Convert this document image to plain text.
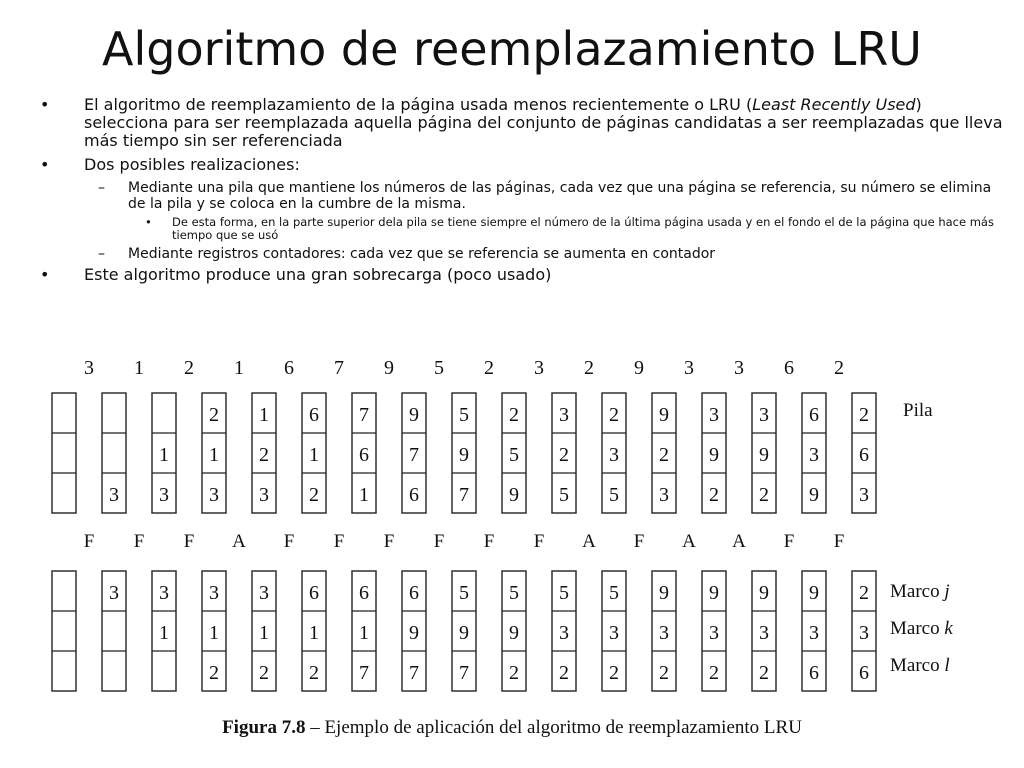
Algoritmo de reemplazamiento LRU
• El algoritmo de reemplazamiento de la página usada menos recientemente o LRU (Least Recently Used) selecciona para ser reemplazada aquella página del conjunto de páginas candidatas a ser reemplazadas que lleva más tiempo sin ser referenciada
• Dos posibles realizaciones:
– Mediante una pila que mantiene los números de las páginas, cada vez que una página se referencia, su número se elimina de la pila y se coloca en la cumbre de la misma.
• De esta forma, en la parte superior dela pila se tiene siempre el número de la última página usada y en el fondo el de la página que hace más tiempo que se usó
– Mediante registros contadores: cada vez que se referencia se aumenta en contador
• Este algoritmo produce una gran sobrecarga (poco usado)
3 1 2 1 6 7 9 5 2 3 2 9 3 3 6 2
3
1
3
2
1
3
1
2
3
6
1
2
7
6
1
9
7
6
5
9
7
2
5
9
3
2
5
2
3
5
9
2
3
3
9
2
3
9
2
6
3
9
2
6
3
F F F A F F F F F F A F A A F F
3 3
1
3
1
2
3
1
2
6
1
2
6
1
7
6
9
7
5
9
7
5
9
2
5
3
2
5
3
2
9
3
2
9
3
2
9
3
2
9
3
6
2
3
6
Pila
Marco j
Marco k
Marco l
Figura 7.8 – Ejemplo de aplicación del algoritmo de reemplazamiento LRU
